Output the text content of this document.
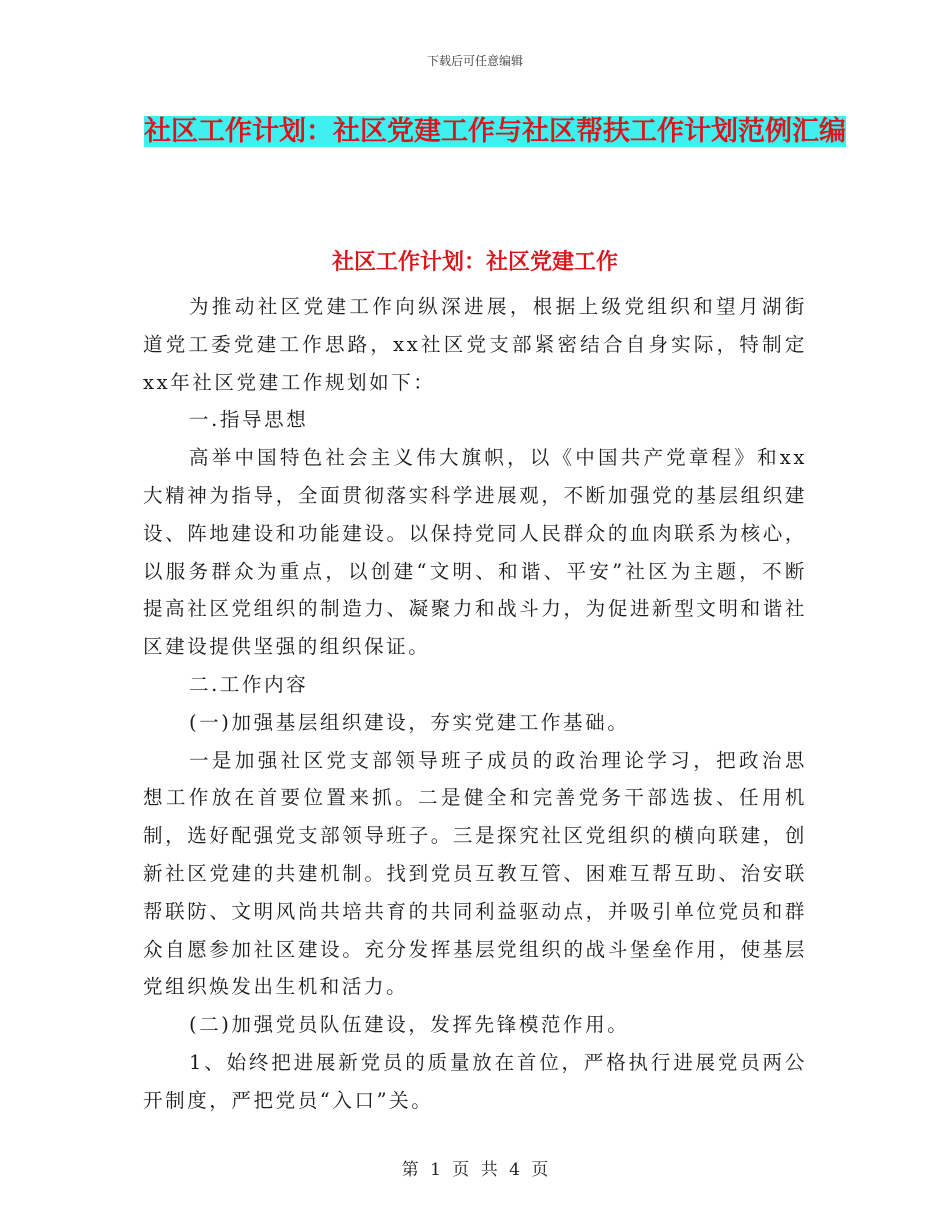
下载后可任意编辑
社区工作计划：社区党建工作与社区帮扶工作计划范例汇编
社区工作计划：社区党建工作

为推动社区党建工作向纵深进展，根据上级党组织和望月湖街道党工委党建工作思路，xx社区党支部紧密结合自身实际，特制定xx年社区党建工作规划如下：

一.指导思想

高举中国特色社会主义伟大旗帜，以《中国共产党章程》和xx大精神为指导，全面贯彻落实科学进展观，不断加强党的基层组织建设、阵地建设和功能建设。以保持党同人民群众的血肉联系为核心，以服务群众为重点，以创建“文明、和谐、平安”社区为主题，不断提高社区党组织的制造力、凝聚力和战斗力，为促进新型文明和谐社区建设提供坚强的组织保证。

二.工作内容

(一)加强基层组织建设，夯实党建工作基础。

一是加强社区党支部领导班子成员的政治理论学习，把政治思想工作放在首要位置来抓。二是健全和完善党务干部选拔、任用机制，选好配强党支部领导班子。三是探究社区党组织的横向联建，创新社区党建的共建机制。找到党员互教互管、困难互帮互助、治安联帮联防、文明风尚共培共育的共同利益驱动点，并吸引单位党员和群众自愿参加社区建设。充分发挥基层党组织的战斗堡垒作用，使基层党组织焕发出生机和活力。

(二)加强党员队伍建设，发挥先锋模范作用。

1、始终把进展新党员的质量放在首位，严格执行进展党员两公开制度，严把党员“入口”关。

第 1 页 共 4 页
